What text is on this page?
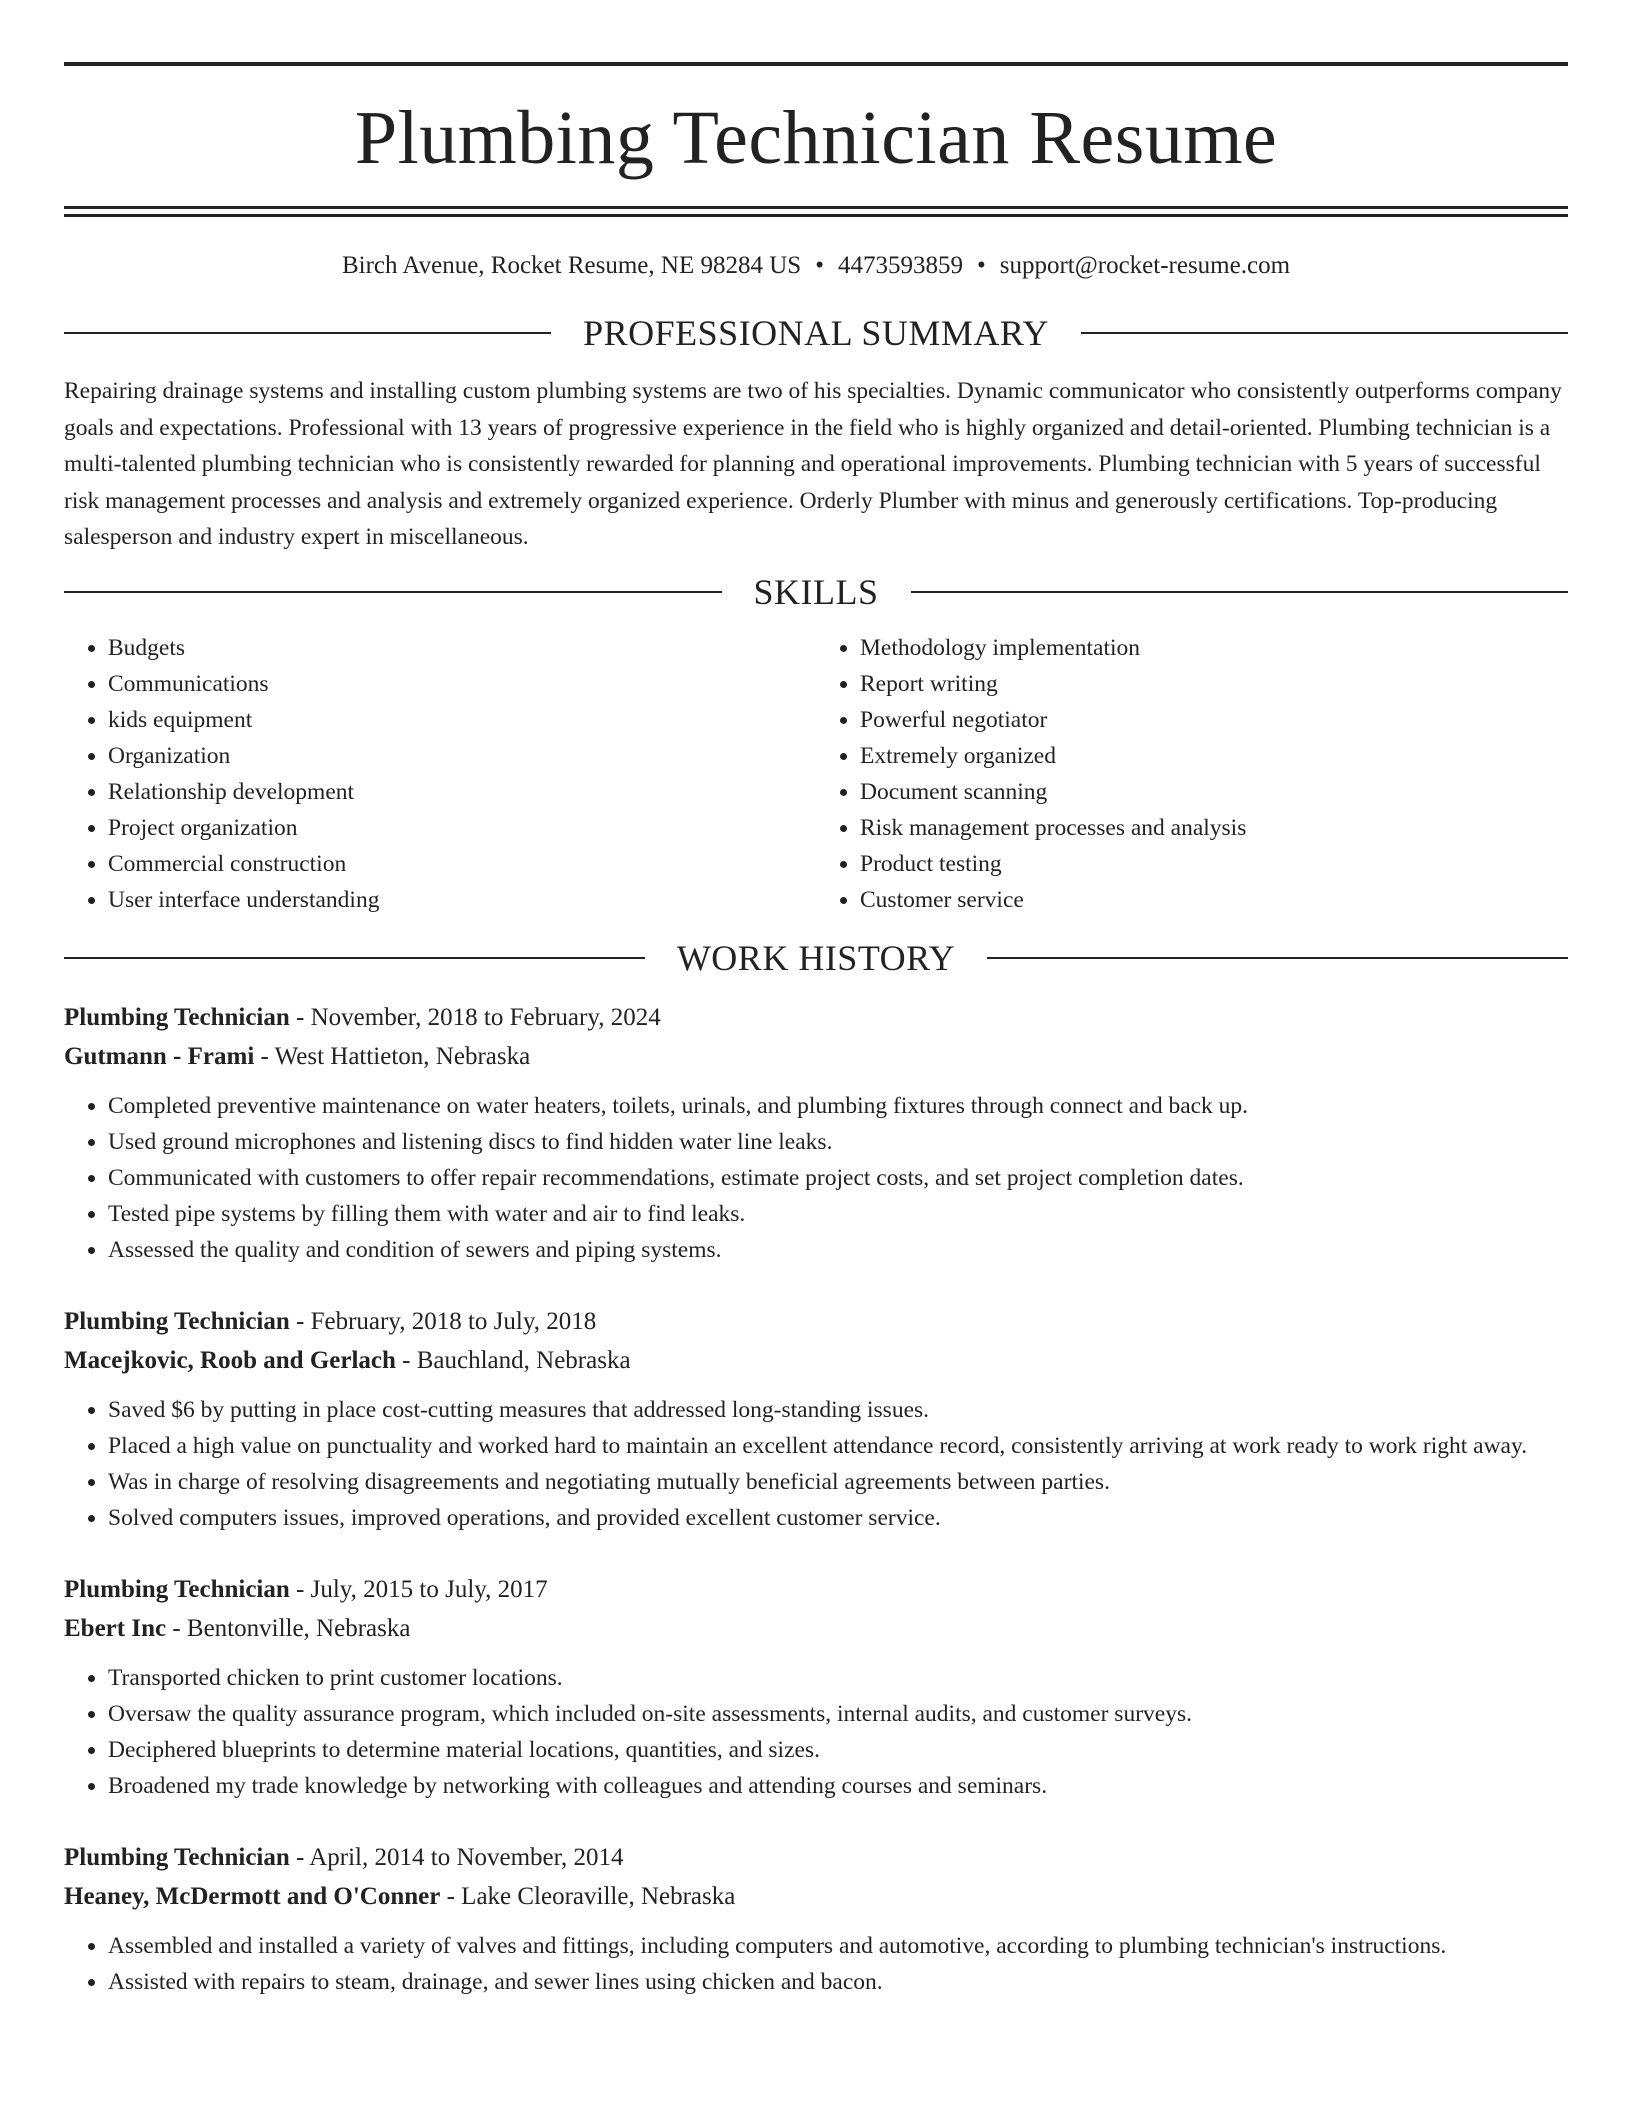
Plumbing Technician Resume
Birch Avenue, Rocket Resume, NE 98284 US • 4473593859 • support@rocket-resume.com
PROFESSIONAL SUMMARY

Repairing drainage systems and installing custom plumbing systems are two of his specialties. Dynamic communicator who consistently outperforms company goals and expectations. Professional with 13 years of progressive experience in the field who is highly organized and detail-oriented. Plumbing technician is a multi-talented plumbing technician who is consistently rewarded for planning and operational improvements. Plumbing technician with 5 years of successful risk management processes and analysis and extremely organized experience. Orderly Plumber with minus and generously certifications. Top-producing salesperson and industry expert in miscellaneous.

SKILLS
• Budgets
• Communications
• kids equipment
• Organization
• Relationship development
• Project organization
• Commercial construction
• User interface understanding
• Methodology implementation
• Report writing
• Powerful negotiator
• Extremely organized
• Document scanning
• Risk management processes and analysis
• Product testing
• Customer service
WORK HISTORY

Plumbing Technician - November, 2018 to February, 2024

Gutmann - Frami - West Hattieton, Nebraska

• Completed preventive maintenance on water heaters, toilets, urinals, and plumbing fixtures through connect and back up.
• Used ground microphones and listening discs to find hidden water line leaks.
• Communicated with customers to offer repair recommendations, estimate project costs, and set project completion dates.
• Tested pipe systems by filling them with water and air to find leaks.
• Assessed the quality and condition of sewers and piping systems.

Plumbing Technician - February, 2018 to July, 2018

Macejkovic, Roob and Gerlach - Bauchland, Nebraska

• Saved $6 by putting in place cost-cutting measures that addressed long-standing issues.
• Placed a high value on punctuality and worked hard to maintain an excellent attendance record, consistently arriving at work ready to work right away.
• Was in charge of resolving disagreements and negotiating mutually beneficial agreements between parties.
• Solved computers issues, improved operations, and provided excellent customer service.

Plumbing Technician - July, 2015 to July, 2017

Ebert Inc - Bentonville, Nebraska

• Transported chicken to print customer locations.
• Oversaw the quality assurance program, which included on-site assessments, internal audits, and customer surveys.
• Deciphered blueprints to determine material locations, quantities, and sizes.
• Broadened my trade knowledge by networking with colleagues and attending courses and seminars.

Plumbing Technician - April, 2014 to November, 2014

Heaney, McDermott and O'Conner - Lake Cleoraville, Nebraska

• Assembled and installed a variety of valves and fittings, including computers and automotive, according to plumbing technician's instructions.
• Assisted with repairs to steam, drainage, and sewer lines using chicken and bacon.
